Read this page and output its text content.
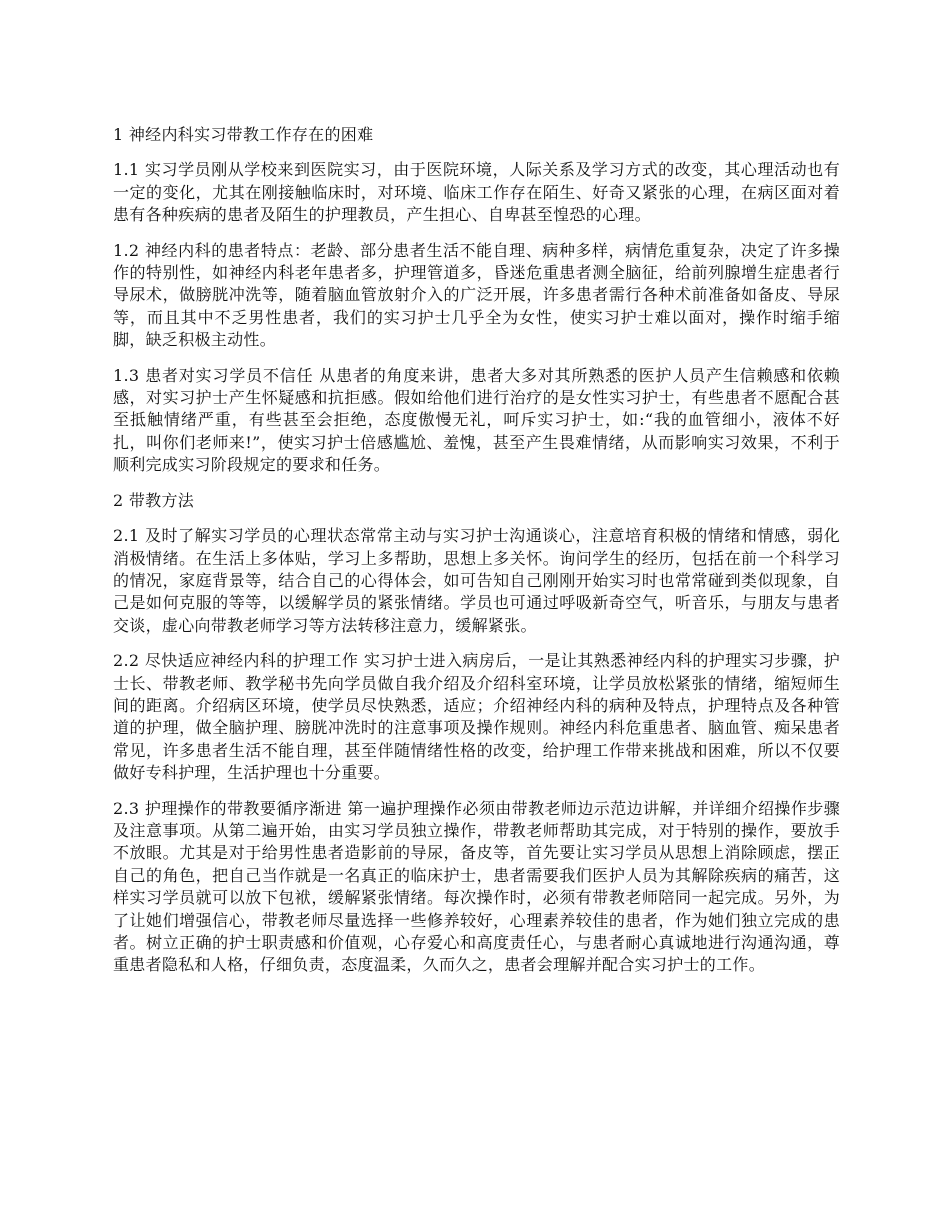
1 神经内科实习带教工作存在的困难
1.1 实习学员刚从学校来到医院实习，由于医院环境，人际关系及学习方式的改变，其心理活动也有一定的变化，尤其在刚接触临床时，对环境、临床工作存在陌生、好奇又紧张的心理，在病区面对着患有各种疾病的患者及陌生的护理教员，产生担心、自卑甚至惶恐的心理。
1.2 神经内科的患者特点：老龄、部分患者生活不能自理、病种多样，病情危重复杂，决定了许多操作的特别性，如神经内科老年患者多，护理管道多，昏迷危重患者测全脑征，给前列腺增生症患者行导尿术，做膀胱冲洗等，随着脑血管放射介入的广泛开展，许多患者需行各种术前准备如备皮、导尿等，而且其中不乏男性患者，我们的实习护士几乎全为女性，使实习护士难以面对，操作时缩手缩脚，缺乏积极主动性。
1.3 患者对实习学员不信任 从患者的角度来讲，患者大多对其所熟悉的医护人员产生信赖感和依赖感，对实习护士产生怀疑感和抗拒感。假如给他们进行治疗的是女性实习护士，有些患者不愿配合甚至抵触情绪严重，有些甚至会拒绝，态度傲慢无礼，呵斥实习护士，如:“我的血管细小，液体不好扎，叫你们老师来!”，使实习护士倍感尴尬、羞愧，甚至产生畏难情绪，从而影响实习效果，不利于顺利完成实习阶段规定的要求和任务。
2 带教方法
2.1 及时了解实习学员的心理状态常常主动与实习护士沟通谈心，注意培育积极的情绪和情感，弱化消极情绪。在生活上多体贴，学习上多帮助，思想上多关怀。询问学生的经历，包括在前一个科学习的情况，家庭背景等，结合自己的心得体会，如可告知自己刚刚开始实习时也常常碰到类似现象，自己是如何克服的等等，以缓解学员的紧张情绪。学员也可通过呼吸新奇空气，听音乐，与朋友与患者交谈，虚心向带教老师学习等方法转移注意力，缓解紧张。
2.2 尽快适应神经内科的护理工作 实习护士进入病房后，一是让其熟悉神经内科的护理实习步骤，护士长、带教老师、教学秘书先向学员做自我介绍及介绍科室环境，让学员放松紧张的情绪，缩短师生间的距离。介绍病区环境，使学员尽快熟悉，适应；介绍神经内科的病种及特点，护理特点及各种管道的护理，做全脑护理、膀胱冲洗时的注意事项及操作规则。神经内科危重患者、脑血管、痴呆患者常见，许多患者生活不能自理，甚至伴随情绪性格的改变，给护理工作带来挑战和困难，所以不仅要做好专科护理，生活护理也十分重要。
2.3 护理操作的带教要循序渐进 第一遍护理操作必须由带教老师边示范边讲解，并详细介绍操作步骤及注意事项。从第二遍开始，由实习学员独立操作，带教老师帮助其完成，对于特别的操作，要放手不放眼。尤其是对于给男性患者造影前的导尿，备皮等，首先要让实习学员从思想上消除顾虑，摆正自己的角色，把自己当作就是一名真正的临床护士，患者需要我们医护人员为其解除疾病的痛苦，这样实习学员就可以放下包袱，缓解紧张情绪。每次操作时，必须有带教老师陪同一起完成。另外，为了让她们增强信心，带教老师尽量选择一些修养较好，心理素养较佳的患者，作为她们独立完成的患者。树立正确的护士职责感和价值观，心存爱心和高度责任心，与患者耐心真诚地进行沟通沟通，尊重患者隐私和人格，仔细负责，态度温柔，久而久之，患者会理解并配合实习护士的工作。
